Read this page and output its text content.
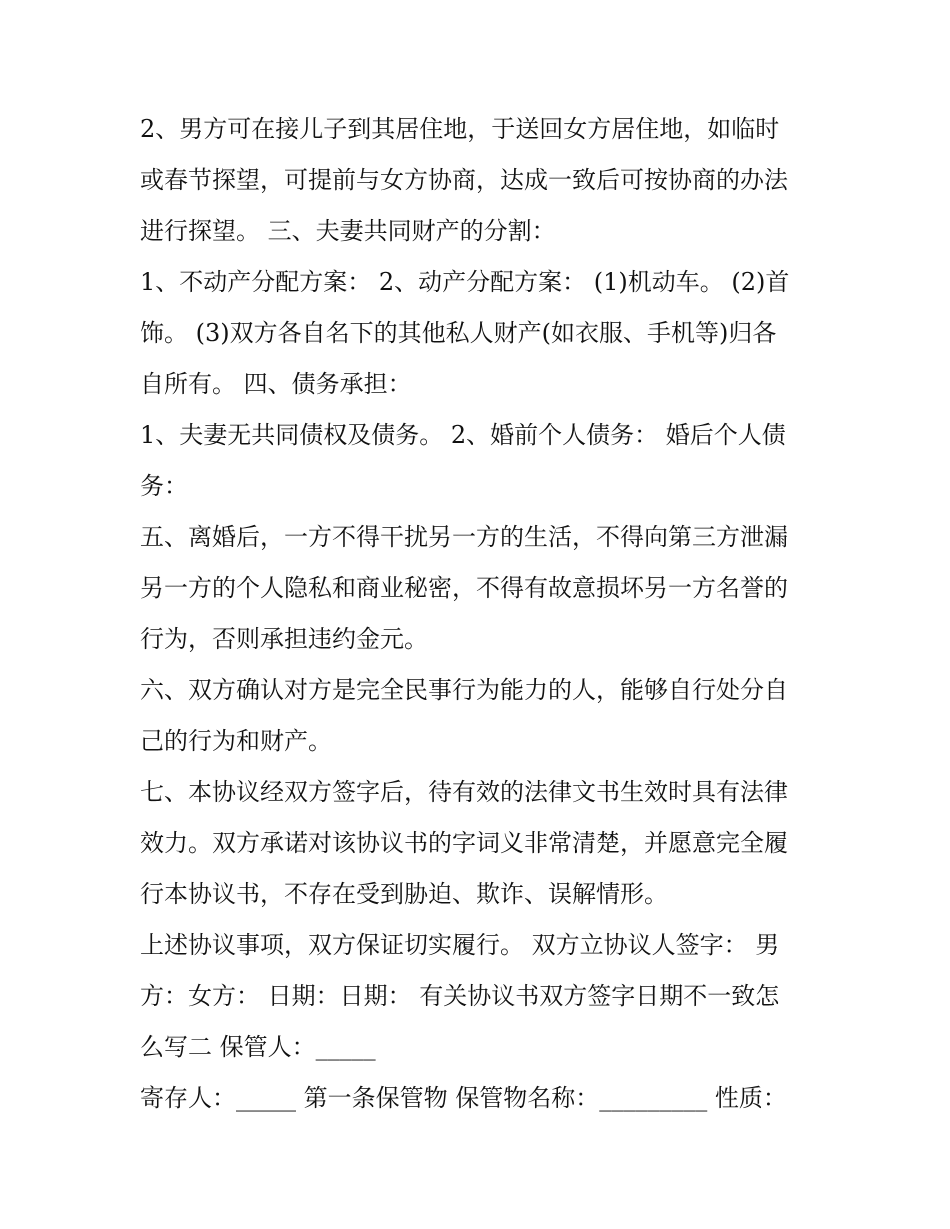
2、男方可在接儿子到其居住地，于送回女方居住地，如临时
或春节探望，可提前与女方协商，达成一致后可按协商的办法
进行探望。 三、夫妻共同财产的分割：
1、不动产分配方案： 2、动产分配方案： (1)机动车。 (2)首
饰。 (3)双方各自名下的其他私人财产(如衣服、手机等)归各
自所有。 四、债务承担：
1、夫妻无共同债权及债务。 2、婚前个人债务： 婚后个人债
务：
五、离婚后，一方不得干扰另一方的生活，不得向第三方泄漏
另一方的个人隐私和商业秘密，不得有故意损坏另一方名誉的
行为，否则承担违约金元。
六、双方确认对方是完全民事行为能力的人，能够自行处分自
己的行为和财产。
七、本协议经双方签字后，待有效的法律文书生效时具有法律
效力。双方承诺对该协议书的字词义非常清楚，并愿意完全履
行本协议书，不存在受到胁迫、欺诈、误解情形。
上述协议事项，双方保证切实履行。 双方立协议人签字： 男
方：女方： 日期：日期： 有关协议书双方签字日期不一致怎
么写二 保管人：_____
寄存人：_____ 第一条保管物 保管物名称：_________ 性质：
